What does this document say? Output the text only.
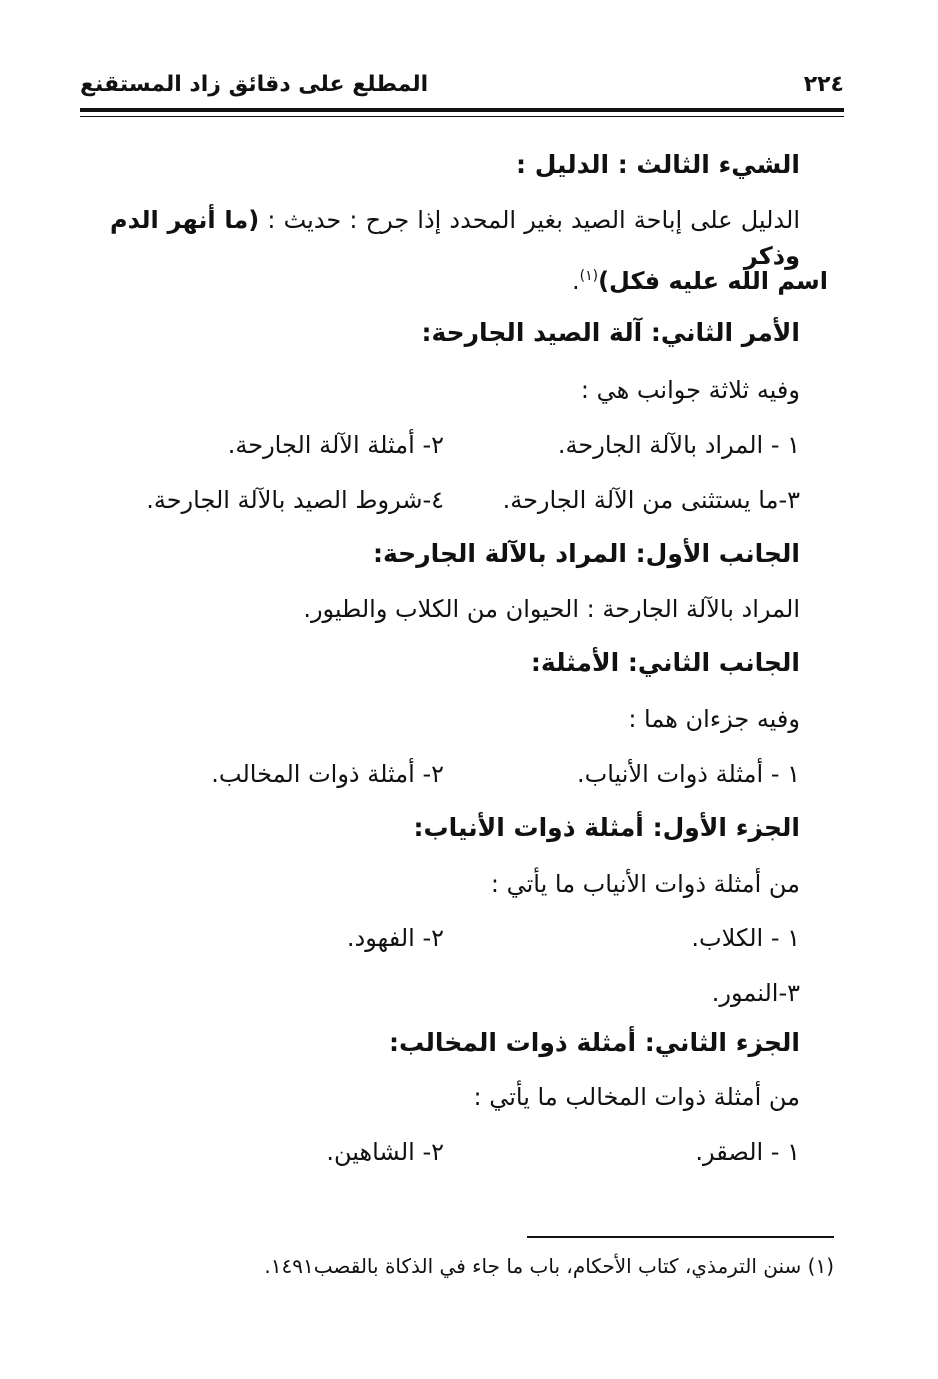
٢٢٤
المطلع على دقائق زاد المستقنع
الشيء الثالث : الدليل :
الدليل على إباحة الصيد بغير المحدد إذا جرح : حديث : (ما أنهر الدم وذكر
اسم الله عليه فكل)$^{(١)}$.
الأمر الثاني: آلة الصيد الجارحة:
وفيه ثلاثة جوانب هي :
١ - المراد بالآلة الجارحة.
٢- أمثلة الآلة الجارحة.
٣-ما يستثنى من الآلة الجارحة.
٤-شروط الصيد بالآلة الجارحة.
الجانب الأول: المراد بالآلة الجارحة:
المراد بالآلة الجارحة : الحيوان من الكلاب والطيور.
الجانب الثاني: الأمثلة:
وفيه جزءان هما :
١ - أمثلة ذوات الأنياب.
٢- أمثلة ذوات المخالب.
الجزء الأول: أمثلة ذوات الأنياب:
من أمثلة ذوات الأنياب ما يأتي :
١ - الكلاب.
٢- الفهود.
٣-النمور.
الجزء الثاني: أمثلة ذوات المخالب:
من أمثلة ذوات المخالب ما يأتي :
١ - الصقر.
٢- الشاهين.
(١) سنن الترمذي، كتاب الأحكام، باب ما جاء في الذكاة بالقصب١٤٩١.
